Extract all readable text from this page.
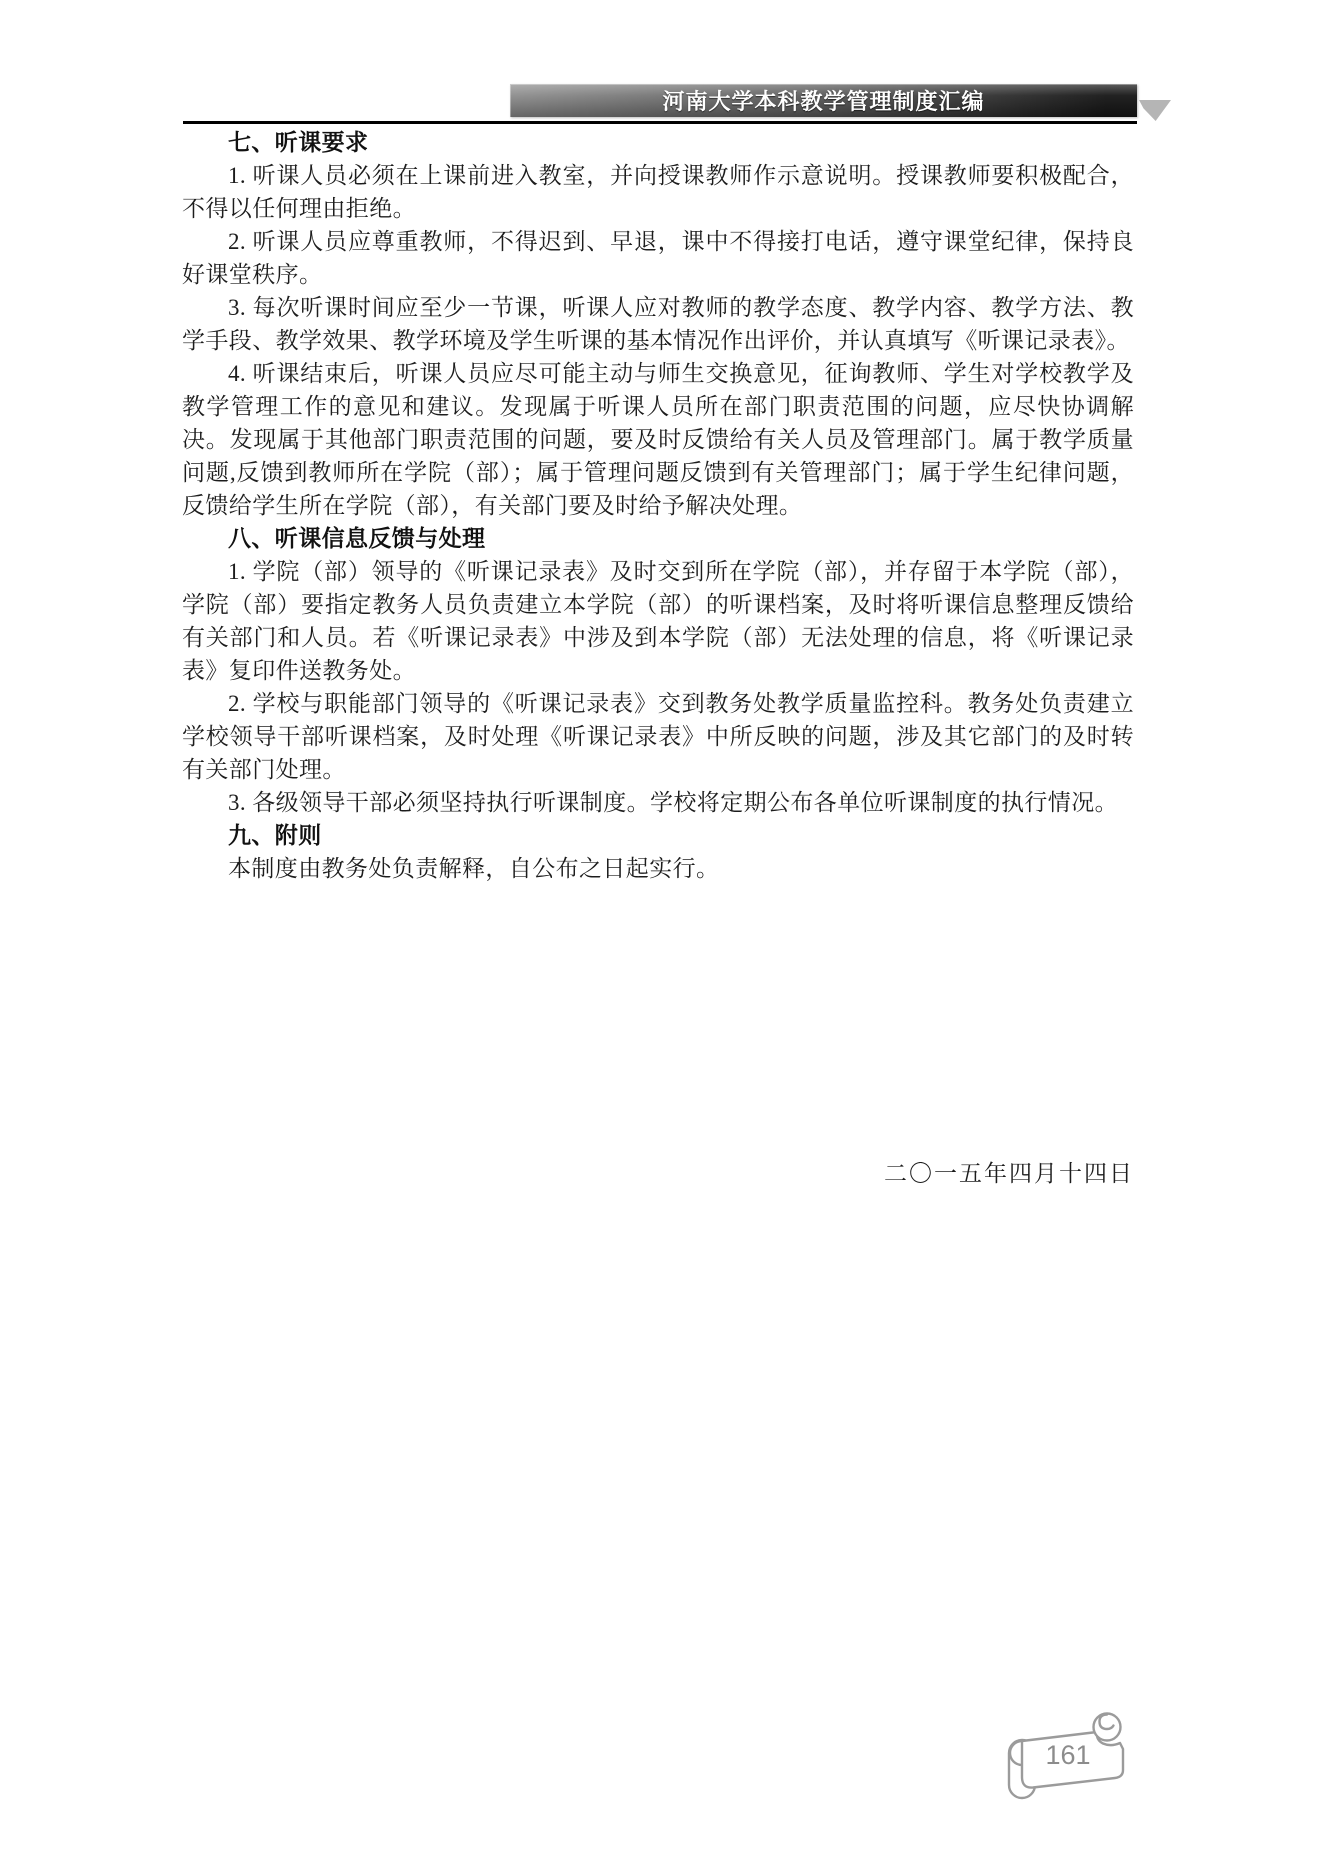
河南大学本科教学管理制度汇编

七、听课要求

1. 听课人员必须在上课前进入教室，并向授课教师作示意说明。授课教师要积极配合，不得以任何理由拒绝。

2. 听课人员应尊重教师，不得迟到、早退，课中不得接打电话，遵守课堂纪律，保持良好课堂秩序。

3. 每次听课时间应至少一节课，听课人应对教师的教学态度、教学内容、教学方法、教学手段、教学效果、教学环境及学生听课的基本情况作出评价，并认真填写《听课记录表》。

4. 听课结束后，听课人员应尽可能主动与师生交换意见，征询教师、学生对学校教学及教学管理工作的意见和建议。发现属于听课人员所在部门职责范围的问题，应尽快协调解决。发现属于其他部门职责范围的问题，要及时反馈给有关人员及管理部门。属于教学质量问题,反馈到教师所在学院（部）；属于管理问题反馈到有关管理部门；属于学生纪律问题，反馈给学生所在学院（部），有关部门要及时给予解决处理。

八、听课信息反馈与处理

1. 学院（部）领导的《听课记录表》及时交到所在学院（部），并存留于本学院（部），学院（部）要指定教务人员负责建立本学院（部）的听课档案，及时将听课信息整理反馈给有关部门和人员。若《听课记录表》中涉及到本学院（部）无法处理的信息，将《听课记录表》复印件送教务处。

2. 学校与职能部门领导的《听课记录表》交到教务处教学质量监控科。教务处负责建立学校领导干部听课档案，及时处理《听课记录表》中所反映的问题，涉及其它部门的及时转有关部门处理。

3. 各级领导干部必须坚持执行听课制度。学校将定期公布各单位听课制度的执行情况。

九、附则

本制度由教务处负责解释，自公布之日起实行。

二〇一五年四月十四日

161
